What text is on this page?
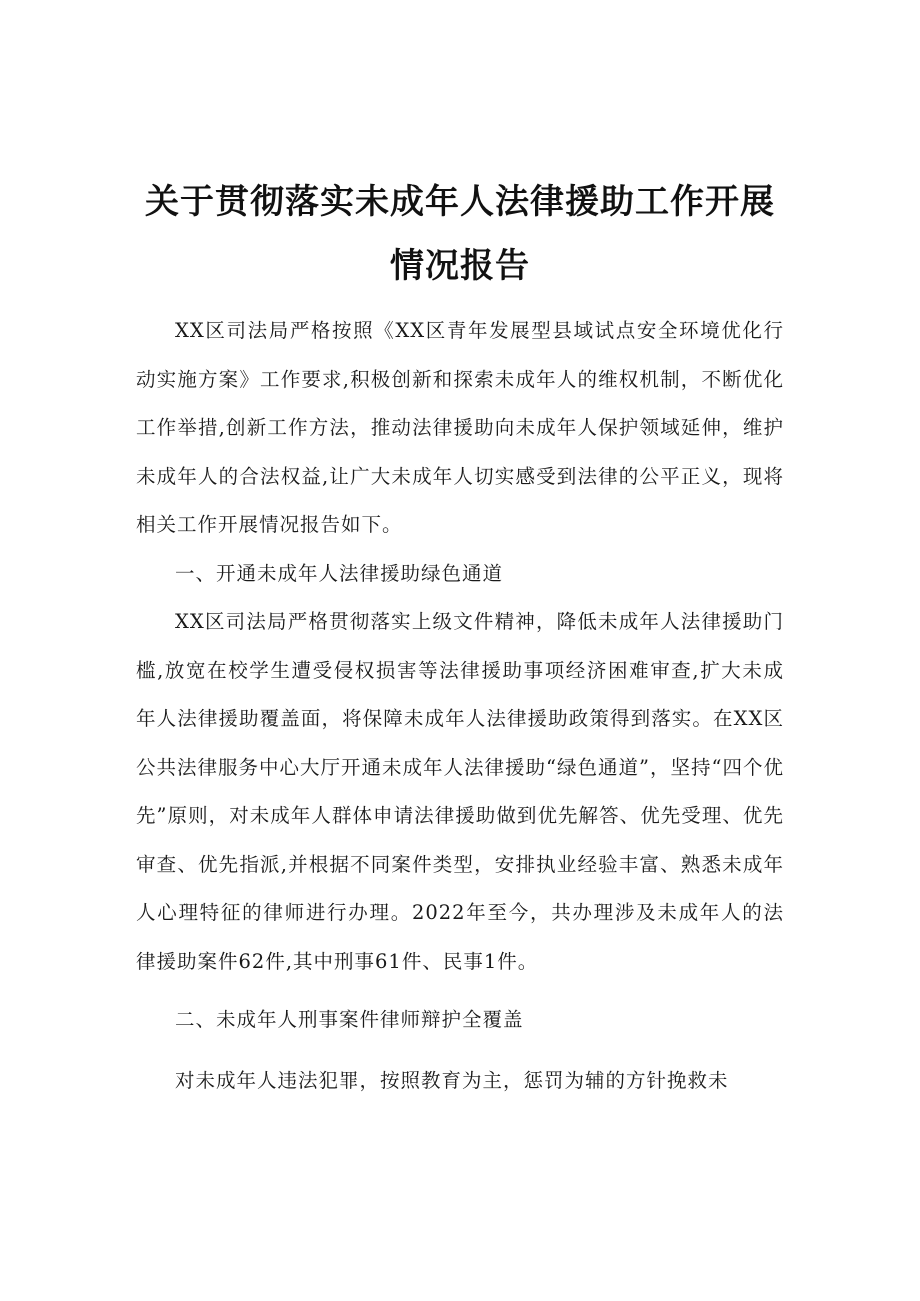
关于贯彻落实未成年人法律援助工作开展
情况报告

XX区司法局严格按照《XX区青年发展型县域试点安全环境优化行动实施方案》工作要求,积极创新和探索未成年人的维权机制，不断优化工作举措,创新工作方法，推动法律援助向未成年人保护领域延伸，维护未成年人的合法权益,让广大未成年人切实感受到法律的公平正义，现将相关工作开展情况报告如下。

一、开通未成年人法律援助绿色通道

XX区司法局严格贯彻落实上级文件精神，降低未成年人法律援助门槛,放宽在校学生遭受侵权损害等法律援助事项经济困难审查,扩大未成年人法律援助覆盖面，将保障未成年人法律援助政策得到落实。在XX区公共法律服务中心大厅开通未成年人法律援助“绿色通道”，坚持“四个优先”原则，对未成年人群体申请法律援助做到优先解答、优先受理、优先审查、优先指派,并根据不同案件类型，安排执业经验丰富、熟悉未成年人心理特征的律师进行办理。2022年至今，共办理涉及未成年人的法律援助案件62件,其中刑事61件、民事1件。

二、未成年人刑事案件律师辩护全覆盖

对未成年人违法犯罪，按照教育为主，惩罚为辅的方针挽救未
